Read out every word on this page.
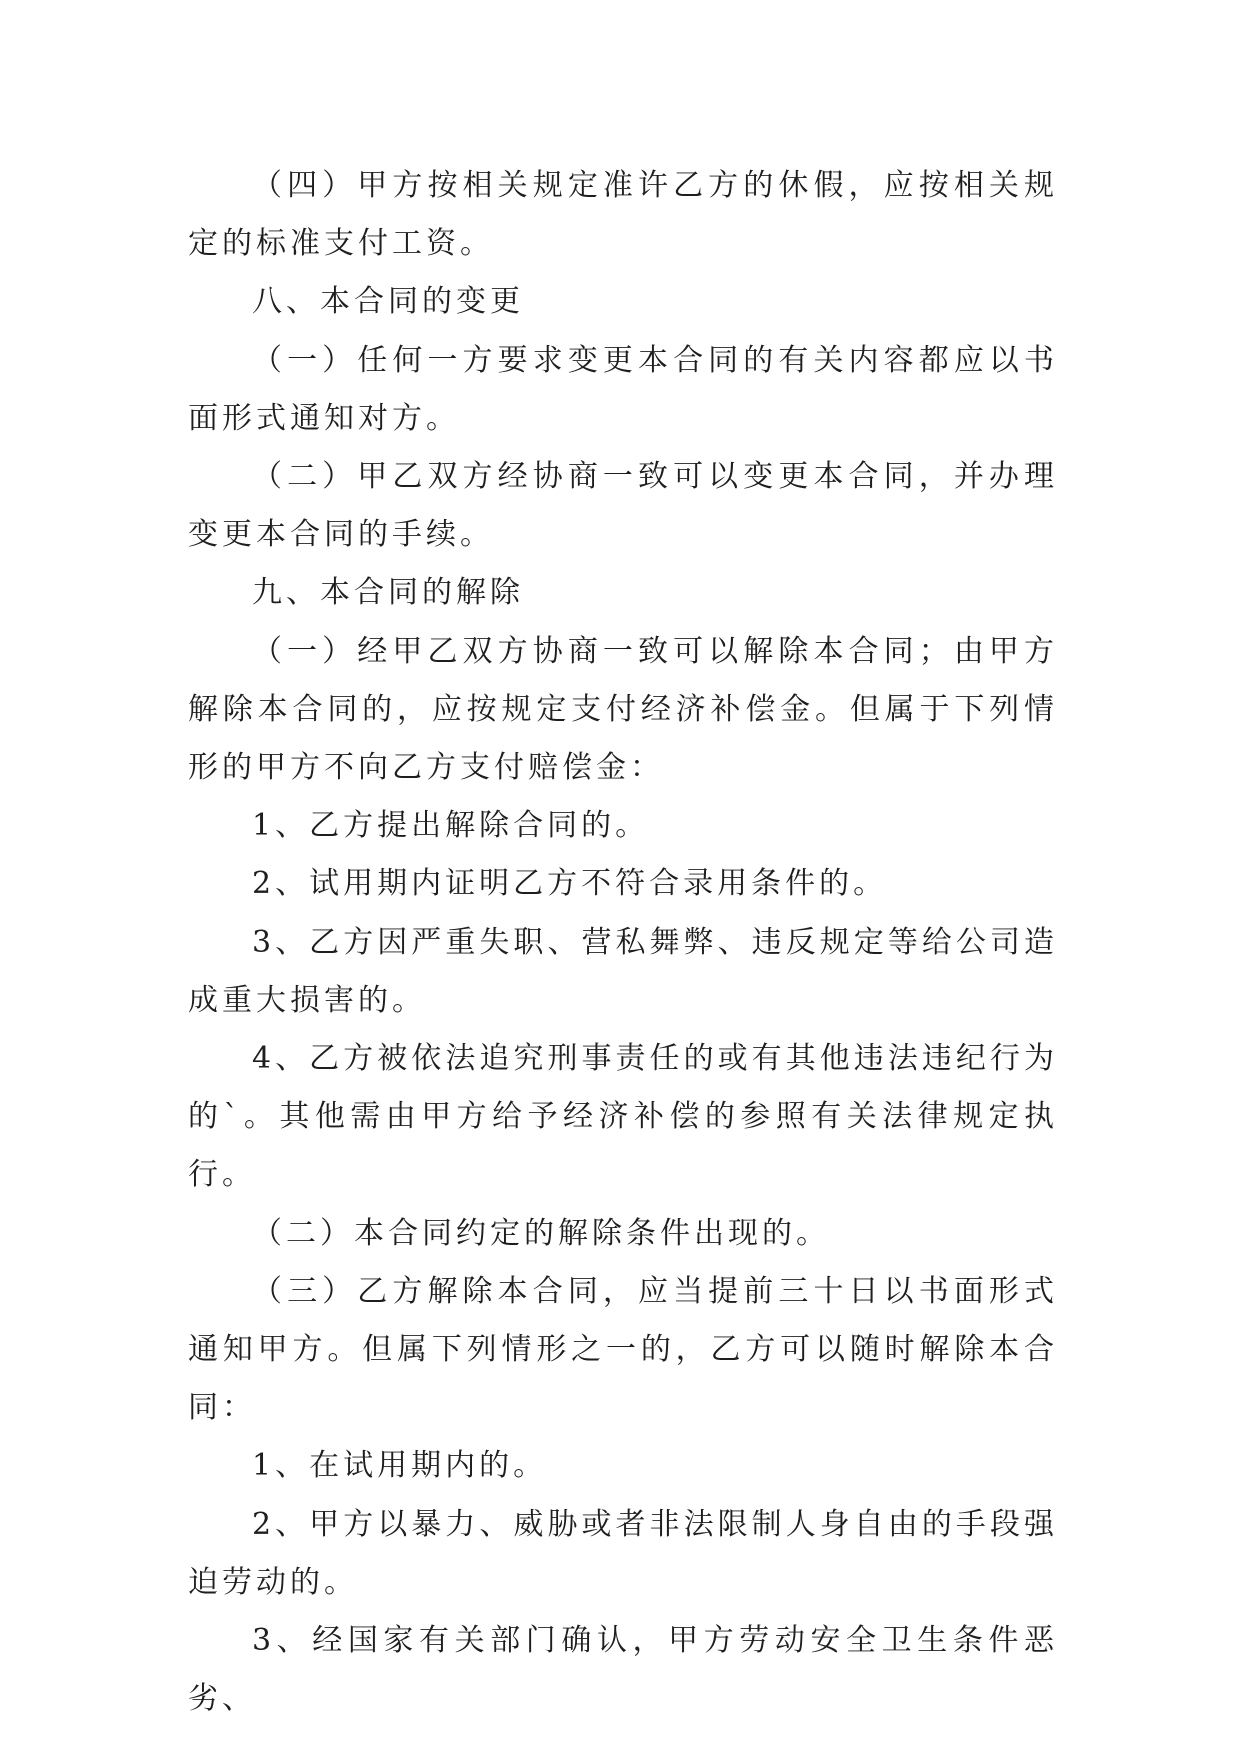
（四）甲方按相关规定准许乙方的休假，应按相关规定的标准支付工资。

八、本合同的变更

（一）任何一方要求变更本合同的有关内容都应以书面形式通知对方。

（二）甲乙双方经协商一致可以变更本合同，并办理变更本合同的手续。

九、本合同的解除

（一）经甲乙双方协商一致可以解除本合同；由甲方解除本合同的，应按规定支付经济补偿金。但属于下列情形的甲方不向乙方支付赔偿金：

1、乙方提出解除合同的。

2、试用期内证明乙方不符合录用条件的。

3、乙方因严重失职、营私舞弊、违反规定等给公司造成重大损害的。

4、乙方被依法追究刑事责任的或有其他违法违纪行为的`。其他需由甲方给予经济补偿的参照有关法律规定执行。

（二）本合同约定的解除条件出现的。

（三）乙方解除本合同，应当提前三十日以书面形式通知甲方。但属下列情形之一的，乙方可以随时解除本合同：

1、在试用期内的。

2、甲方以暴力、威胁或者非法限制人身自由的手段强迫劳动的。

3、经国家有关部门确认，甲方劳动安全卫生条件恶劣、
